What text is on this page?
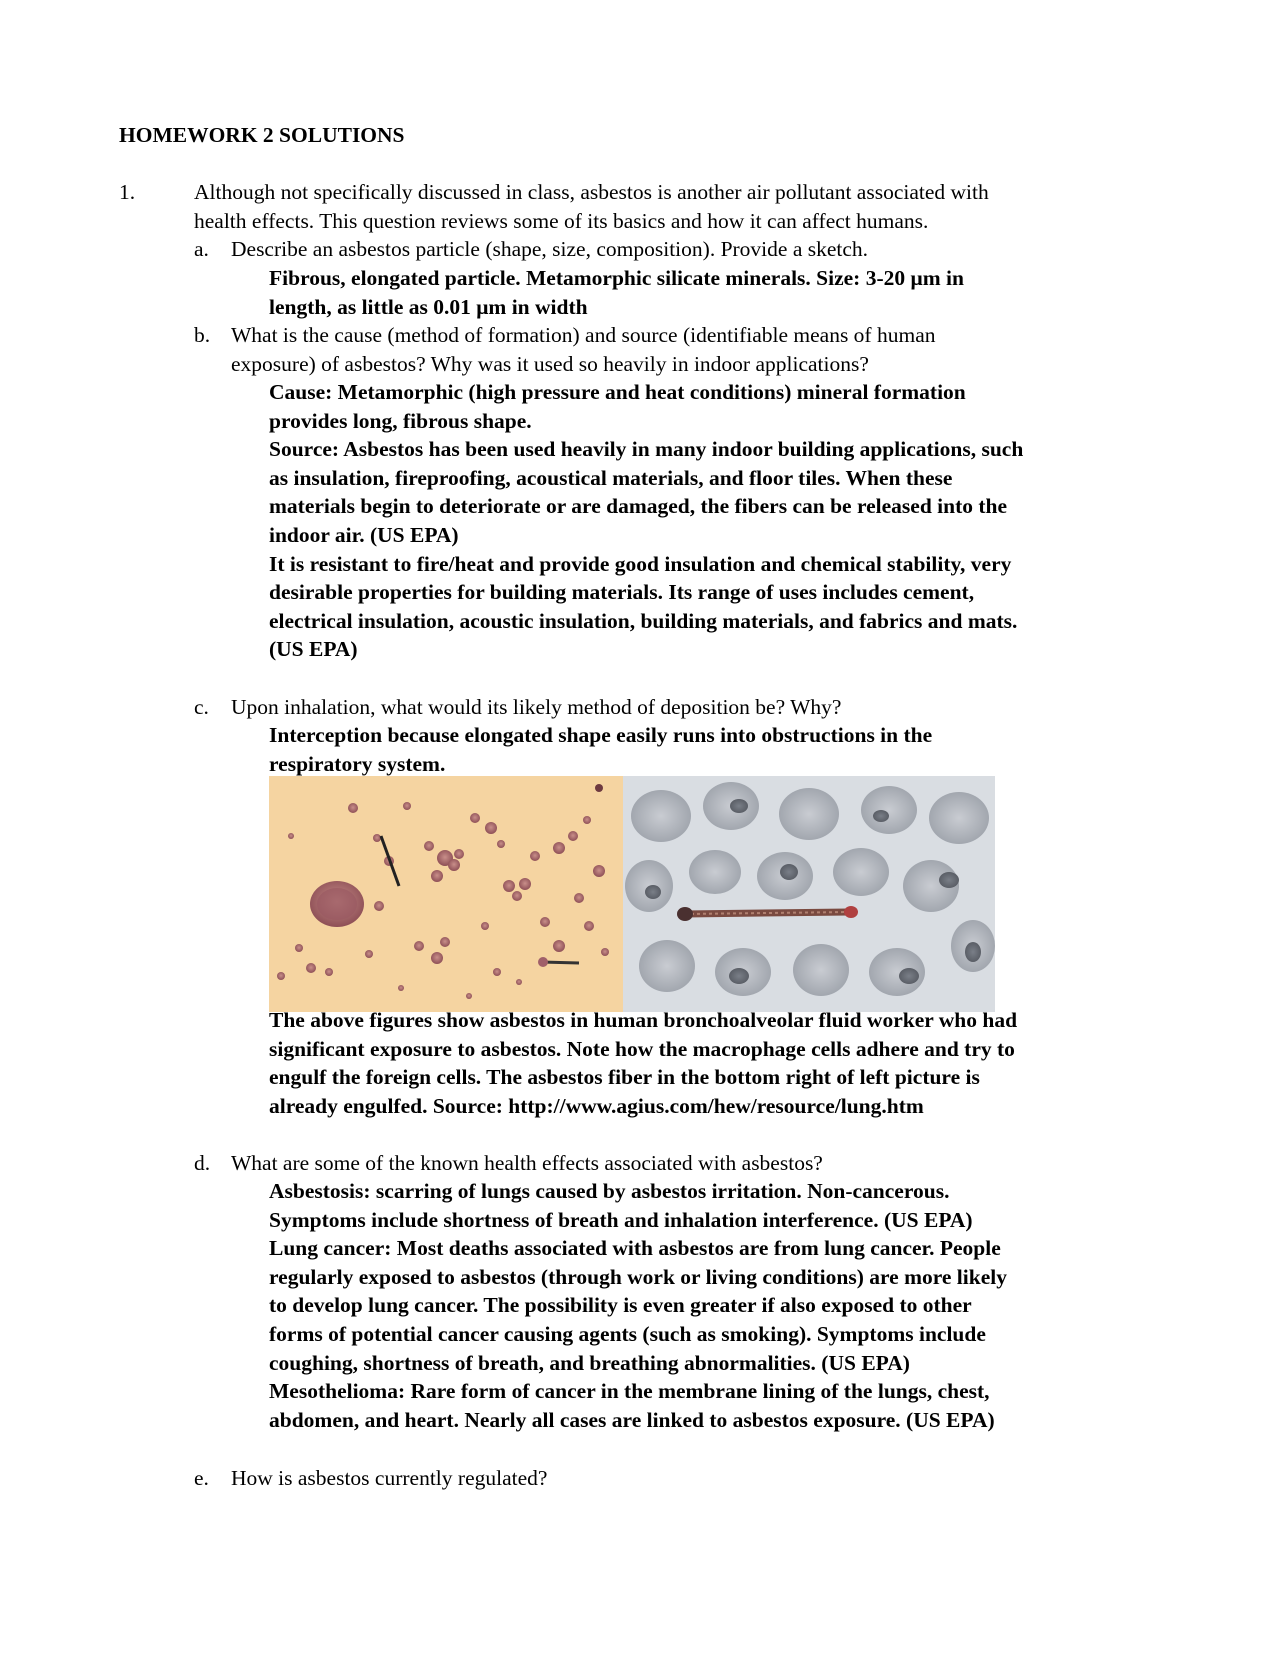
HOMEWORK 2 SOLUTIONS
1.	Although not specifically discussed in class, asbestos is another air pollutant associated with
health effects. This question reviews some of its basics and how it can affect humans.
a.	Describe an asbestos particle (shape, size, composition). Provide a sketch.
Fibrous, elongated particle. Metamorphic silicate minerals. Size: 3-20 μm in
length, as little as 0.01 μm in width
b. What is the cause (method of formation) and source (identifiable means of human
exposure) of asbestos? Why was it used so heavily in indoor applications?
Cause: Metamorphic (high pressure and heat conditions) mineral formation
provides long, fibrous shape.
Source: Asbestos has been used heavily in many indoor building applications, such
as insulation, fireproofing, acoustical materials, and floor tiles. When these
materials begin to deteriorate or are damaged, the fibers can be released into the
indoor air. (US EPA)
It is resistant to fire/heat and provide good insulation and chemical stability, very
desirable properties for building materials. Its range of uses includes cement,
electrical insulation, acoustic insulation, building materials, and fabrics and mats.
(US EPA)
c.	Upon inhalation, what would its likely method of deposition be? Why?
Interception because elongated shape easily runs into obstructions in the
respiratory system.
The above figures show asbestos in human bronchoalveolar fluid worker who had
significant exposure to asbestos. Note how the macrophage cells adhere and try to
engulf the foreign cells. The asbestos fiber in the bottom right of left picture is
already engulfed. Source: http://www.agius.com/hew/resource/lung.htm
d. What are some of the known health effects associated with asbestos?
Asbestosis: scarring of lungs caused by asbestos irritation. Non-cancerous.
Symptoms include shortness of breath and inhalation interference. (US EPA)
Lung cancer: Most deaths associated with asbestos are from lung cancer. People
regularly exposed to asbestos (through work or living conditions) are more likely
to develop lung cancer. The possibility is even greater if also exposed to other
forms of potential cancer causing agents (such as smoking). Symptoms include
coughing, shortness of breath, and breathing abnormalities. (US EPA)
Mesothelioma: Rare form of cancer in the membrane lining of the lungs, chest,
abdomen, and heart. Nearly all cases are linked to asbestos exposure. (US EPA)
e.	How is asbestos currently regulated?
